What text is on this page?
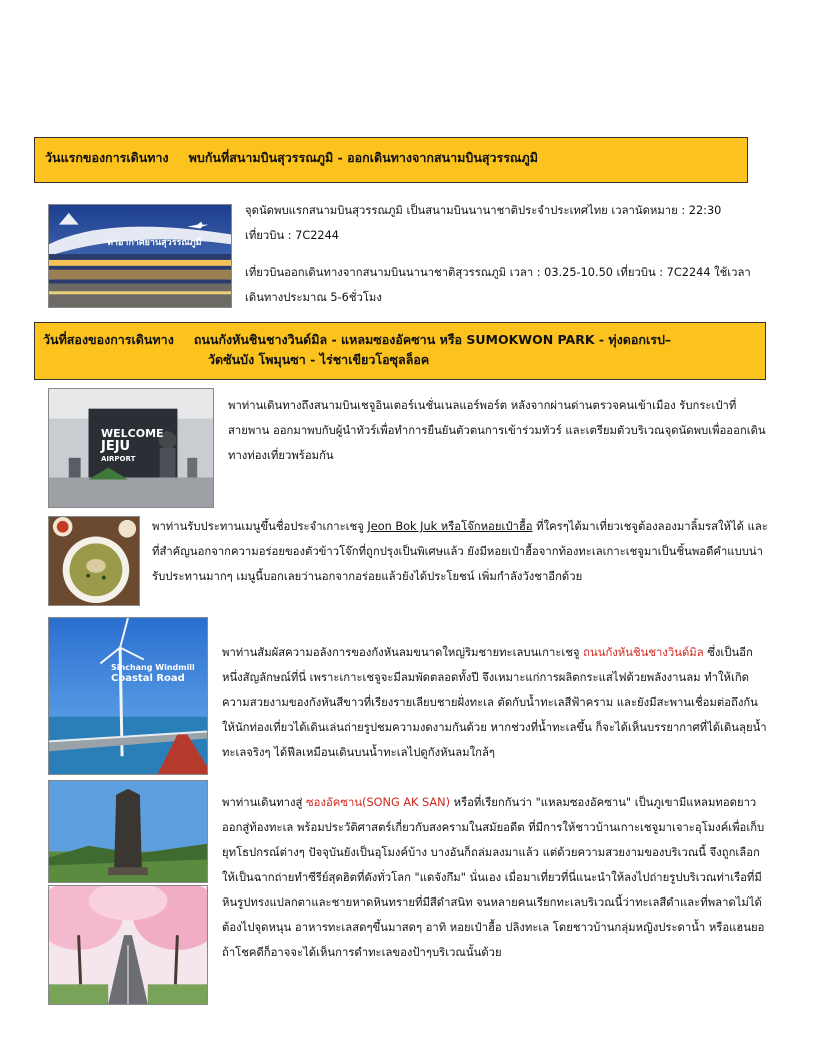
วันแรกของการเดินทาง พบกันที่สนามบินสุวรรณภูมิ - ออกเดินทางจากสนามบินสุวรรณภูมิ
ท่าอากาศยานสุวรรณภูมิ
จุดนัดพบแรกสนามบินสุวรรณภูมิ เป็นสนามบินนานาชาติประจำประเทศไทย เวลานัดหมาย : 22:30
เที่ยวบิน : 7C2244
เที่ยวบินออกเดินทางจากสนามบินนานาชาติสุวรรณภูมิ เวลา : 03.25-10.50 เที่ยวบิน : 7C2244 ใช้เวลา
เดินทางประมาณ 5-6ชั่วโมง
วันที่สองของการเดินทาง ถนนกังหันชินชางวินด์มิล - แหลมซองอัคซาน หรือ SUMOKWON PARK - ทุ่งดอกเรป–
วัดซันบัง โพมุนซา - ไร่ชาเขียวโอซุลล็อค
WELCOME
JEJU
AIRPORT
พาท่านเดินทางถึงสนามบินเชจูอินเตอร์เนชั่นเนลแอร์พอร์ต หลังจากผ่านด่านตรวจคนเข้าเมือง รับกระเป๋าที่สายพาน ออกมาพบกับผู้นำทัวร์เพื่อทำการยืนยันตัวตนการเข้าร่วมทัวร์ และเตรียมตัวบริเวณจุดนัดพบเพื่อออกเดินทางท่องเที่ยวพร้อมกัน
พาท่านรับประทานเมนูขึ้นชื่อประจำเกาะเชจู Jeon Bok Juk หรือโจ๊กหอยเป๋าฮื้อ ที่ใครๆได้มาเที่ยวเชจูต้องลองมาลิ้มรสให้ได้ และที่สำคัญนอกจากความอร่อยของตัวข้าวโจ๊กที่ถูกปรุงเป็นพิเศษแล้ว ยังมีหอยเป๋าฮื้อจากท้องทะเลเกาะเชจูมาเป็นชิ้นพอดีคำแบบน่ารับประทานมากๆ เมนูนี้บอกเลยว่านอกจากอร่อยแล้วยังได้ประโยชน์ เพิ่มกำลังวังชาอีกด้วย
Sinchang Windmill
Coastal Road
พาท่านสัมผัสความอลังการของกังหันลมขนาดใหญ่ริมชายทะเลบนเกาะเชจู ถนนกังหันชินชางวินด์มิล ซึ่งเป็นอีกหนึ่งสัญลักษณ์ที่นี่ เพราะเกาะเชจูจะมีลมพัดตลอดทั้งปี จึงเหมาะแก่การผลิตกระแสไฟด้วยพลังงานลม ทำให้เกิดความสวยงามของกังหันสีขาวที่เรียงรายเลียบชายฝั่งทะเล ตัดกับน้ำทะเลสีฟ้าคราม และยังมีสะพานเชื่อมต่อถึงกันให้นักท่องเที่ยวได้เดินเล่นถ่ายรูปชมความงดงามกันด้วย หากช่วงที่น้ำทะเลขึ้น ก็จะได้เห็นบรรยากาศที่ได้เดินลุยน้ำทะเลจริงๆ ได้ฟีลเหมือนเดินบนน้ำทะเลไปดูกังหันลมใกล้ๆ
พาท่านเดินทางสู่ ซองอัคซาน(SONG AK SAN) หรือที่เรียกกันว่า "แหลมซองอัคซาน" เป็นภูเขามีแหลมทอดยาวออกสู่ท้องทะเล พร้อมประวัติศาสตร์เกี่ยวกับสงครามในสมัยอดีต ที่มีการให้ชาวบ้านเกาะเชจูมาเจาะอุโมงค์เพื่อเก็บยุทโธปกรณ์ต่างๆ ปัจจุบันยังเป็นอุโมงค์บ้าง บางอันก็ถล่มลงมาแล้ว แต่ด้วยความสวยงามของบริเวณนี้ จึงถูกเลือกให้เป็นฉากถ่ายทำซีรีย์สุดฮิตที่ดังทั่วโลก "แดจังกึม" นั่นเอง เมื่อมาเที่ยวที่นี่แนะนำให้ลงไปถ่ายรูปบริเวณท่าเรือที่มีหินรูปทรงแปลกตาและชายหาดหินทรายที่มีสีดำสนิท จนหลายคนเรียกทะเลบริเวณนี้ว่าทะเลสีดำและที่พลาดไม่ได้ต้องไปจุดหนุน อาหารทะเลสดๆขึ้นมาสดๆ อาทิ หอยเป๋าฮื้อ ปลิงทะเล โดยชาวบ้านกลุ่มหญิงประดาน้ำ หรือแฮนยอ ถ้าโชคดีก็อาจจะได้เห็นการดำทะเลของป้าๆบริเวณนั้นด้วย
